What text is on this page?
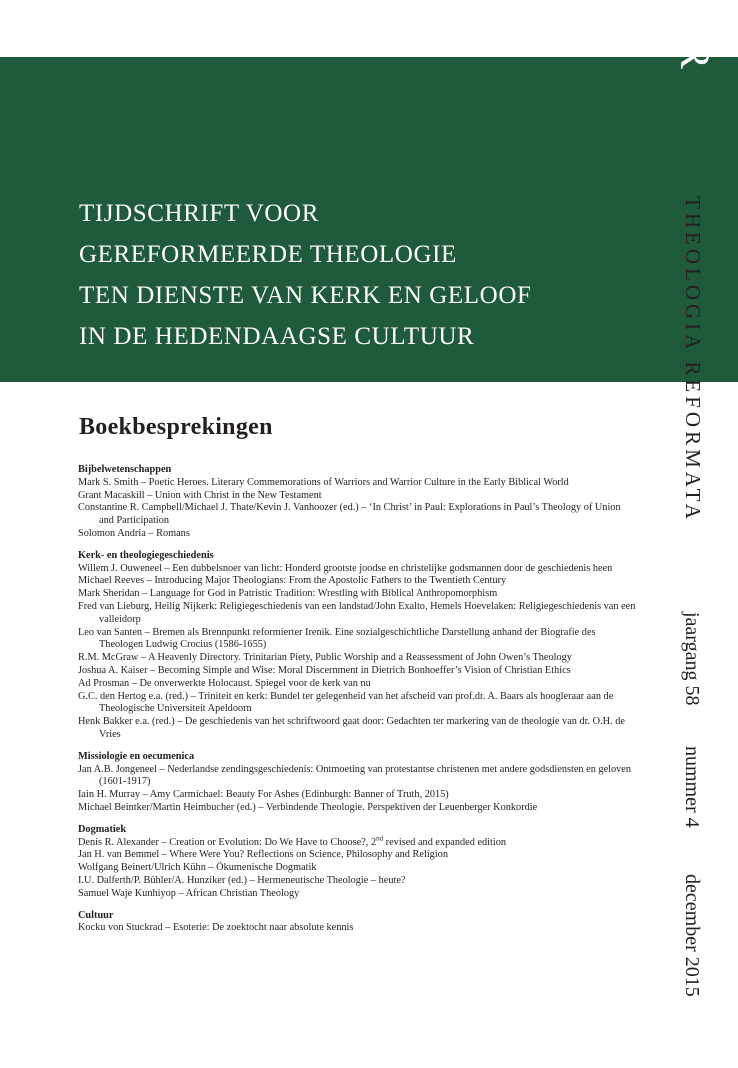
R
TIJDSCHRIFT VOOR
GEREFORMEERDE THEOLOGIE
TEN DIENSTE VAN KERK EN GELOOF
IN DE HEDENDAAGSE CULTUUR	THEOLOGIA REFORMATA
jaargang 58
nummer 4
december 2015
Boekbesprekingen
Bijbelwetenschappen
Mark S. Smith – Poetic Heroes. Literary Commemorations of Warriors and Warrior Culture in the Early Biblical World
Grant Macaskill – Union with Christ in the New Testament
Constantine R. Campbell/Michael J. Thate/Kevin J. Vanhoozer (ed.) – ‘In Christ’ in Paul: Explorations in Paul’s Theology of Union and Participation
Solomon Andria – Romans
Kerk- en theologiegeschiedenis
Willem J. Ouweneel – Een dubbelsnoer van licht: Honderd grootste joodse en christelijke godsmannen door de geschiedenis heen
Michael Reeves – Introducing Major Theologians: From the Apostolic Fathers to the Twentieth Century
Mark Sheridan – Language for God in Patristic Tradition: Wrestling with Biblical Anthropomorphism
Fred van Lieburg, Heilig Nijkerk: Religiegeschiedenis van een landstad/John Exalto, Hemels Hoevelaken: Religiegeschiedenis van een valleidorp
Leo van Santen – Bremen als Brennpunkt reformierter Irenik. Eine sozialgeschichtliche Darstellung anhand der Biografie des Theologen Ludwig Crocius (1586-1655)
R.M. McGraw – A Heavenly Directory. Trinitarian Piety, Public Worship and a Reassessment of John Owen’s Theology
Joshua A. Kaiser – Becoming Simple and Wise: Moral Discernment in Dietrich Bonhoeffer’s Vision of Christian Ethics
Ad Prosman – De onverwerkte Holocaust. Spiegel voor de kerk van nu
G.C. den Hertog e.a. (red.) – Triniteit en kerk: Bundel ter gelegenheid van het afscheid van prof.dr. A. Baars als hoogleraar aan de Theologische Universiteit Apeldoorn
Henk Bakker e.a. (red.) – De geschiedenis van het schriftwoord gaat door: Gedachten ter markering van de theologie van dr. O.H. de Vries
Missiologie en oecumenica
Jan A.B. Jongeneel – Nederlandse zendingsgeschiedenis: Ontmoeting van protestantse christenen met andere godsdiensten en geloven (1601-1917)
Iain H. Murray – Amy Carmichael: Beauty For Ashes (Edinburgh: Banner of Truth, 2015)
Michael Beintker/Martin Heimbucher (ed.) – Verbindende Theologie. Perspektiven der Leuenberger Konkordie
Dogmatiek
Denis R. Alexander – Creation or Evolution: Do We Have to Choose?, 2nd revised and expanded edition
Jan H. van Bemmel – Where Were You? Reflections on Science, Philosophy and Religion
Wolfgang Beinert/Ulrich Kühn – Ökumenische Dogmatik
I.U. Dalferth/P. Bühler/A. Hunziker (ed.) – Hermeneutische Theologie – heute?
Samuel Waje Kunhiyop – African Christian Theology
Cultuur
Kocku von Stuckrad – Esoterie: De zoektocht naar absolute kennis
